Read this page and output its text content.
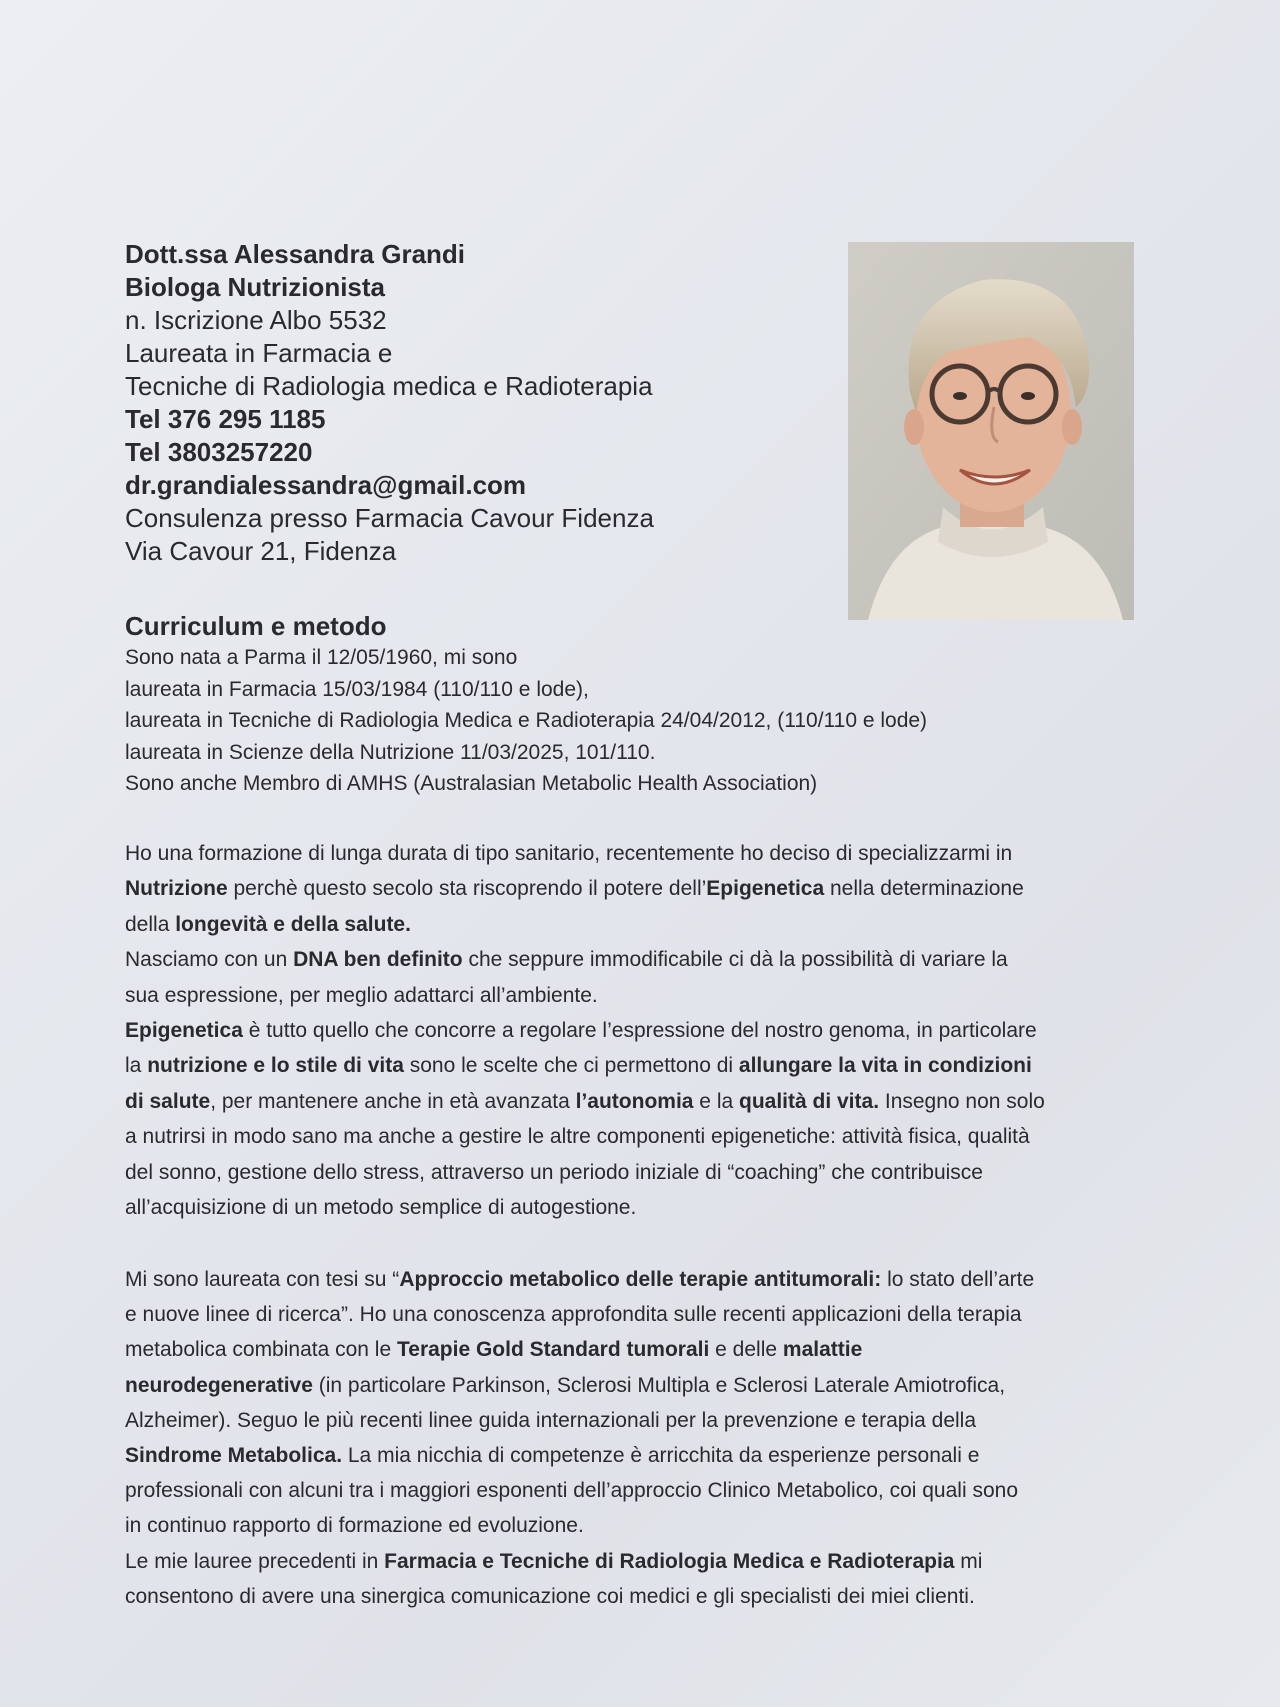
Dott.ssa Alessandra Grandi
Biologa Nutrizionista
n. Iscrizione Albo 5532
Laureata in Farmacia e
Tecniche di Radiologia medica e Radioterapia
Tel 376 295 1185
Tel 3803257220
dr.grandialessandra@gmail.com
Consulenza presso Farmacia Cavour Fidenza
Via Cavour 21, Fidenza
Curriculum e metodo
Sono nata a Parma il 12/05/1960, mi sono
laureata in Farmacia 15/03/1984 (110/110 e lode),
laureata in Tecniche di Radiologia Medica e Radioterapia 24/04/2012, (110/110 e lode)
laureata in Scienze della Nutrizione 11/03/2025, 101/110.
Sono anche Membro di AMHS (Australasian Metabolic Health Association)
Ho una formazione di lunga durata di tipo sanitario, recentemente ho deciso di specializzarmi in
Nutrizione perchè questo secolo sta riscoprendo il potere dell’Epigenetica nella determinazione
della longevità e della salute.
Nasciamo con un DNA ben definito che seppure immodificabile ci dà la possibilità di variare la
sua espressione, per meglio adattarci all’ambiente.
Epigenetica è tutto quello che concorre a regolare l’espressione del nostro genoma, in particolare
la nutrizione e lo stile di vita sono le scelte che ci permettono di allungare la vita in condizioni
di salute, per mantenere anche in età avanzata l’autonomia e la qualità di vita. Insegno non solo
a nutrirsi in modo sano ma anche a gestire le altre componenti epigenetiche: attività fisica, qualità
del sonno, gestione dello stress, attraverso un periodo iniziale di “coaching” che contribuisce
all’acquisizione di un metodo semplice di autogestione.
Mi sono laureata con tesi su “Approccio metabolico delle terapie antitumorali: lo stato dell’arte
e nuove linee di ricerca”. Ho una conoscenza approfondita sulle recenti applicazioni della terapia
metabolica combinata con le Terapie Gold Standard tumorali e delle malattie
neurodegenerative (in particolare Parkinson, Sclerosi Multipla e Sclerosi Laterale Amiotrofica,
Alzheimer). Seguo le più recenti linee guida internazionali per la prevenzione e terapia della
Sindrome Metabolica. La mia nicchia di competenze è arricchita da esperienze personali e
professionali con alcuni tra i maggiori esponenti dell’approccio Clinico Metabolico, coi quali sono
in continuo rapporto di formazione ed evoluzione.
Le mie lauree precedenti in Farmacia e Tecniche di Radiologia Medica e Radioterapia mi
consentono di avere una sinergica comunicazione coi medici e gli specialisti dei miei clienti.
